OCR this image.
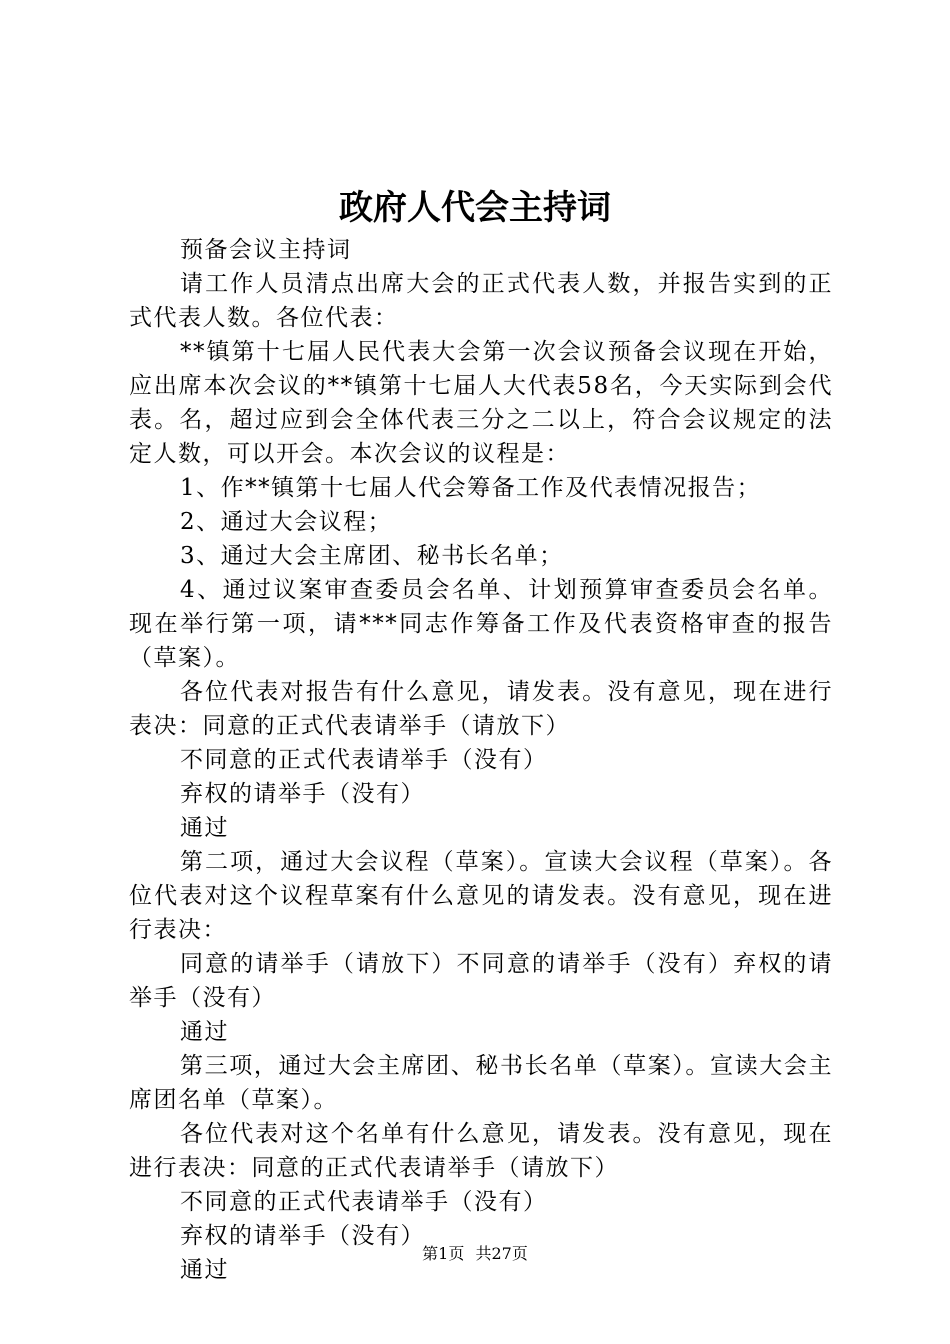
政府人代会主持词

预备会议主持词

请工作人员清点出席大会的正式代表人数，并报告实到的正式代表人数。各位代表：

**镇第十七届人民代表大会第一次会议预备会议现在开始，应出席本次会议的**镇第十七届人大代表58名，今天实际到会代表。名，超过应到会全体代表三分之二以上，符合会议规定的法定人数，可以开会。本次会议的议程是：

1、作**镇第十七届人代会筹备工作及代表情况报告；

2、通过大会议程；

3、通过大会主席团、秘书长名单；

4、通过议案审查委员会名单、计划预算审查委员会名单。现在举行第一项，请***同志作筹备工作及代表资格审查的报告（草案）。

各位代表对报告有什么意见，请发表。没有意见，现在进行表决：同意的正式代表请举手（请放下）

不同意的正式代表请举手（没有）

弃权的请举手（没有）

通过

第二项，通过大会议程（草案）。宣读大会议程（草案）。各位代表对这个议程草案有什么意见的请发表。没有意见，现在进行表决：

同意的请举手（请放下）不同意的请举手（没有）弃权的请举手（没有）

通过

第三项，通过大会主席团、秘书长名单（草案）。宣读大会主席团名单（草案）。

各位代表对这个名单有什么意见，请发表。没有意见，现在进行表决：同意的正式代表请举手（请放下）

不同意的正式代表请举手（没有）

弃权的请举手（没有）

通过

第1页 共27页
